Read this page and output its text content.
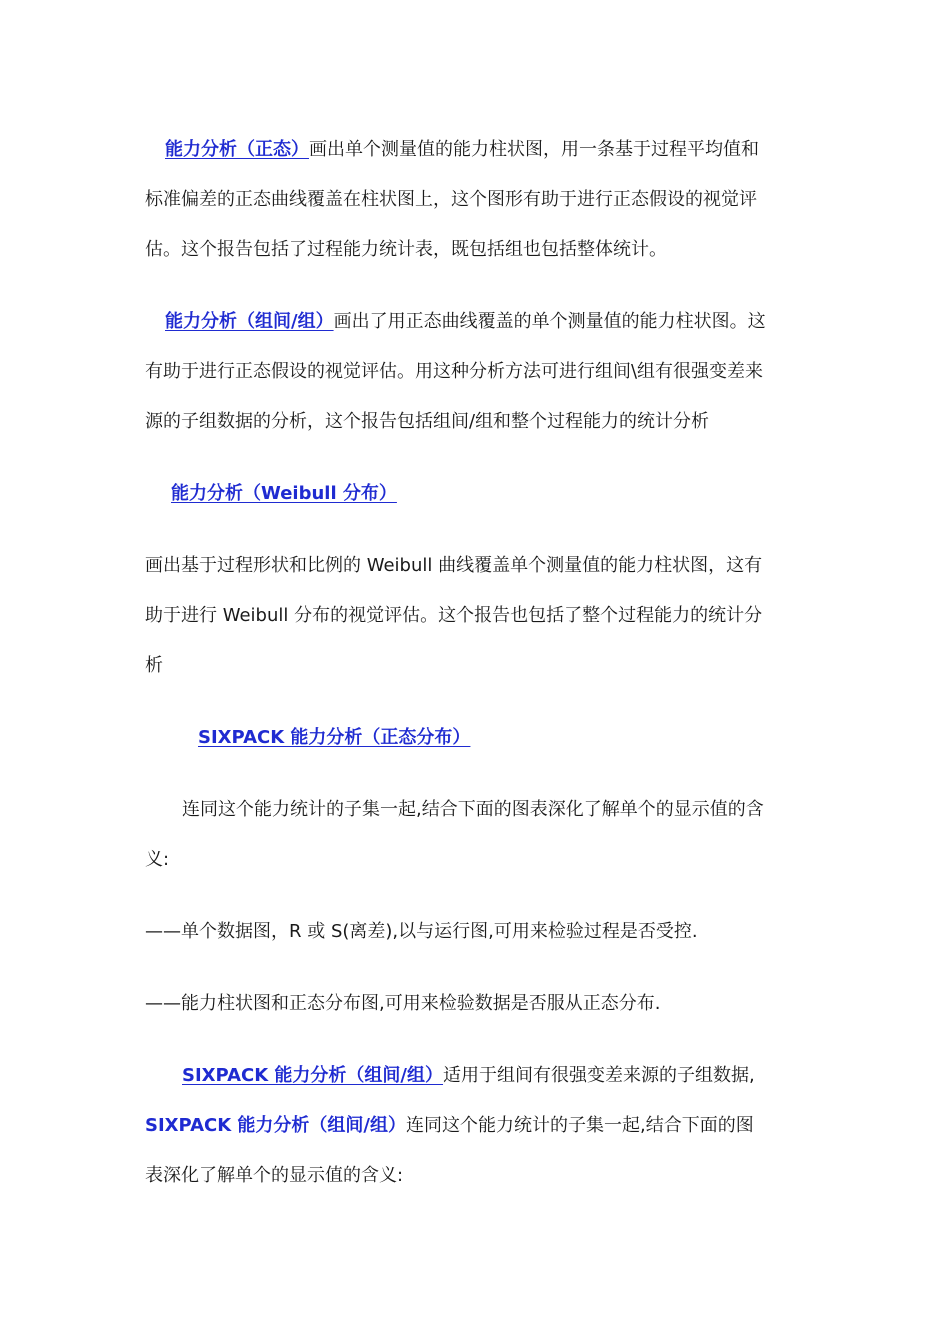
能力分析（正态）画出单个测量值的能力柱状图，用一条基于过程平均值和
标准偏差的正态曲线覆盖在柱状图上，这个图形有助于进行正态假设的视觉评
估。这个报告包括了过程能力统计表，既包括组也包括整体统计。
能力分析（组间/组）画出了用正态曲线覆盖的单个测量值的能力柱状图。这
有助于进行正态假设的视觉评估。用这种分析方法可进行组间\组有很强变差来
源的子组数据的分析，这个报告包括组间/组和整个过程能力的统计分析
能力分析（Weibull 分布）
画出基于过程形状和比例的 Weibull 曲线覆盖单个测量值的能力柱状图，这有
助于进行 Weibull 分布的视觉评估。这个报告也包括了整个过程能力的统计分
析
SIXPACK 能力分析（正态分布）
连同这个能力统计的子集一起,结合下面的图表深化了解单个的显示值的含
义:
——单个数据图，R 或 S(离差),以与运行图,可用来检验过程是否受控.
——能力柱状图和正态分布图,可用来检验数据是否服从正态分布.
SIXPACK 能力分析（组间/组）适用于组间有很强变差来源的子组数据,
SIXPACK 能力分析（组间/组）连同这个能力统计的子集一起,结合下面的图
表深化了解单个的显示值的含义:
